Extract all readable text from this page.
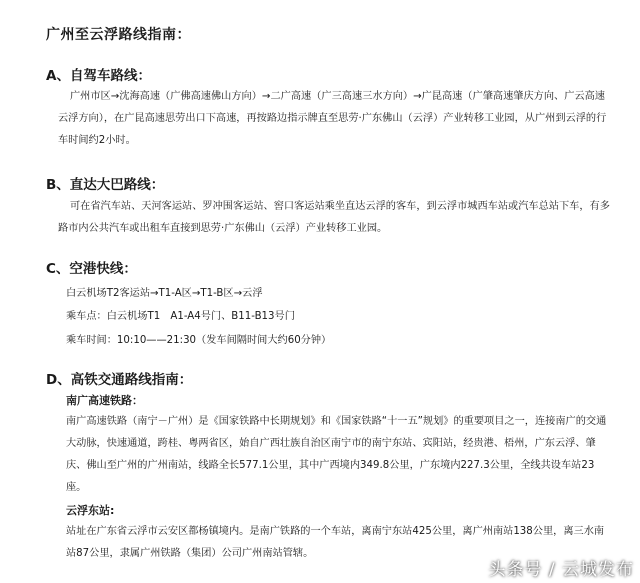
广州至云浮路线指南：
A、自驾车路线：
广州市区→沈海高速（广佛高速佛山方向）→二广高速（广三高速三水方向）→广昆高速（广肇高速肇庆方向、广云高速云浮方向），在广昆高速思劳出口下高速，再按路边指示牌直至思劳·广东佛山（云浮）产业转移工业园，从广州到云浮的行车时间约2小时。
B、直达大巴路线：
可在省汽车站、天河客运站、罗冲围客运站、窖口客运站乘坐直达云浮的客车，到云浮市城西车站或汽车总站下车，有多路市内公共汽车或出租车直接到思劳·广东佛山（云浮）产业转移工业园。
C、空港快线：
白云机场T2客运站→T1-A区→T1-B区→云浮
乘车点：白云机场T1　A1-A4号门、B11-B13号门
乘车时间：10:10——21:30（发车间隔时间大约60分钟）
D、高铁交通路线指南：
南广高速铁路：
南广高速铁路（南宁－广州）是《国家铁路中长期规划》和《国家铁路“十一五”规划》的重要项目之一，连接南广的交通大动脉，快速通道，跨桂、粤两省区，始自广西壮族自治区南宁市的南宁东站、宾阳站，经贵港、梧州，广东云浮、肇庆、佛山至广州的广州南站，线路全长577.1公里，其中广西境内349.8公里，广东境内227.3公里，全线共设车站23座。
云浮东站:
站址在广东省云浮市云安区都杨镇境内。是南广铁路的一个车站，离南宁东站425公里，离广州南站138公里，离三水南站87公里，隶属广州铁路（集团）公司广州南站管辖。
头条号 / 云城发布
